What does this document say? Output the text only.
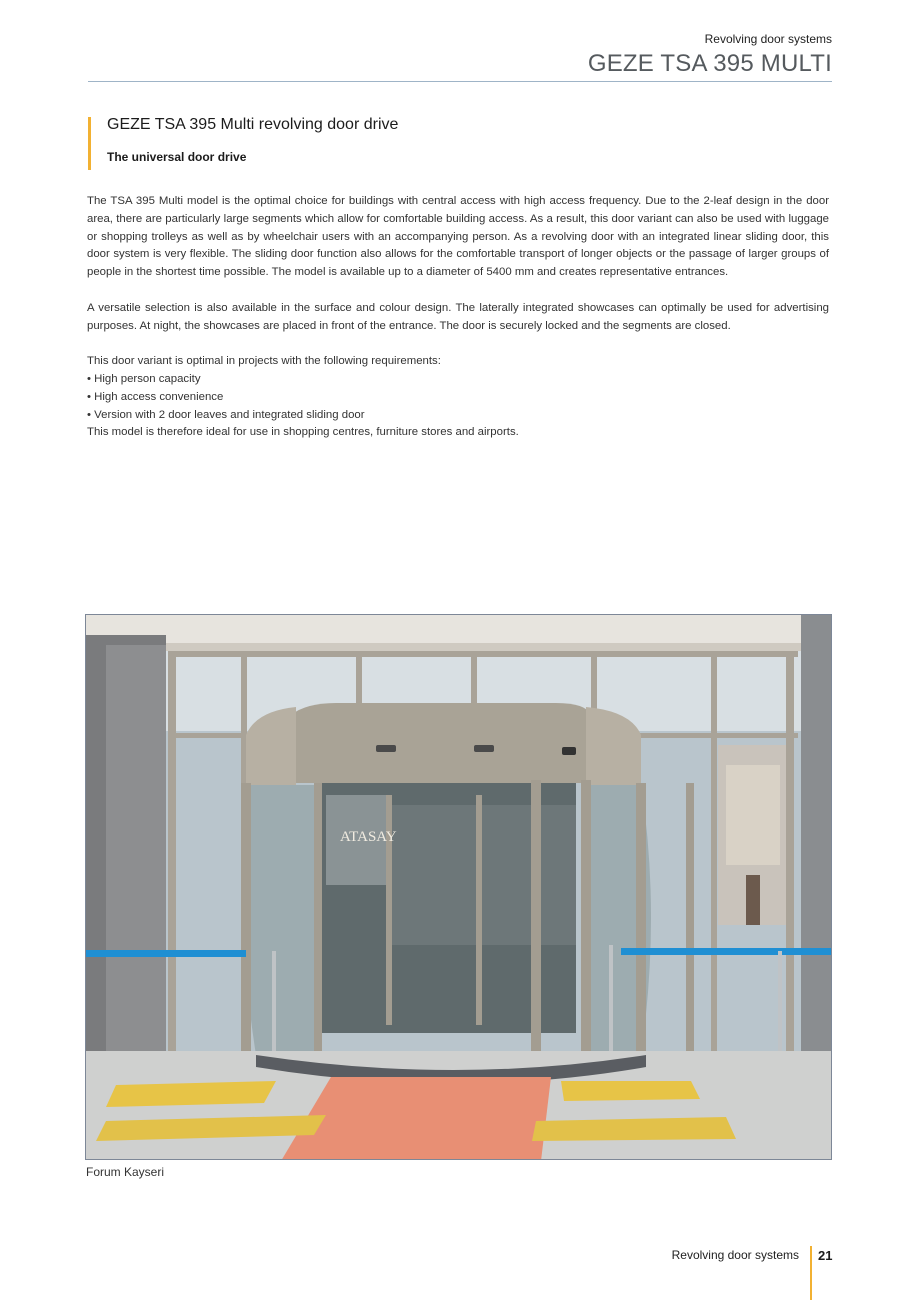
Revolving door systems
GEZE TSA 395 MULTI
GEZE TSA 395 Multi revolving door drive
The universal door drive

The TSA 395 Multi model is the optimal choice for buildings with central access with high access frequency. Due to the 2-leaf design in the door area, there are particularly large segments which allow for comfortable building access. As a result, this door variant can also be used with luggage or shopping trolleys as well as by wheelchair users with an accompanying person. As a revolving door with an integrated linear sliding door, this door system is very flexible. The sliding door function also allows for the comfortable transport of longer objects or the passage of larger groups of people in the shortest time possible. The model is available up to a diameter of 5400 mm and creates representative entrances.

A versatile selection is also available in the surface and colour design. The laterally integrated showcases can optimally be used for advertising purposes. At night, the showcases are placed in front of the entrance. The door is securely locked and the segments are closed.

This door variant is optimal in projects with the following requirements:
• High person capacity
• High access convenience
• Version with 2 door leaves and integrated sliding door
This model is therefore ideal for use in shopping centres, furniture stores and airports.
ATASAY
Forum Kayseri
Revolving door systems 21
